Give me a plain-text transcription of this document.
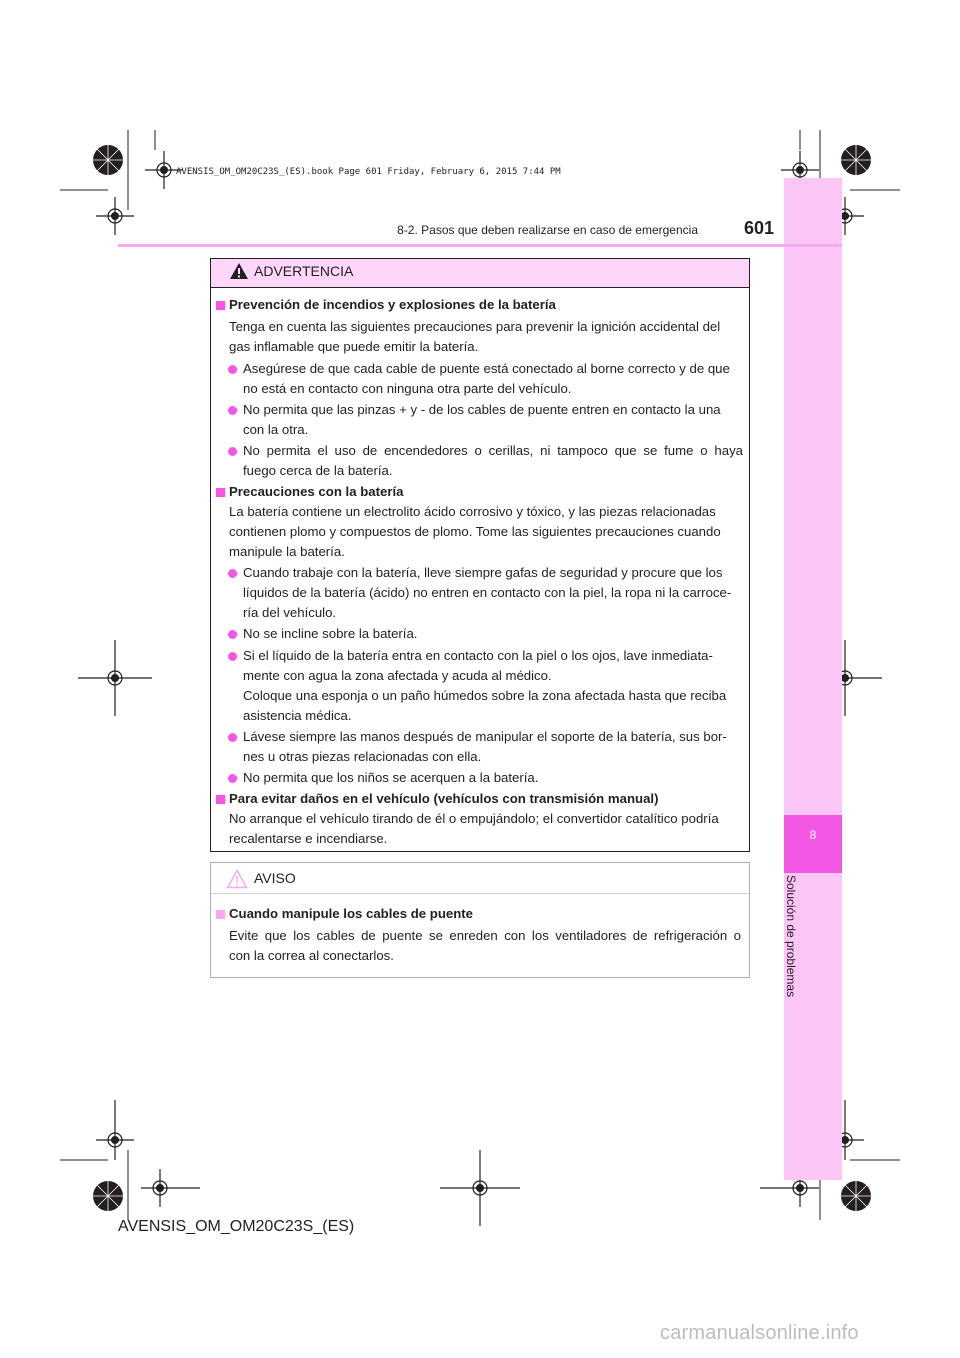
AVENSIS_OM_OM20C23S_(ES).book Page 601 Friday, February 6, 2015 7:44 PM
8
Solución de problemas
8-2. Pasos que deben realizarse en caso de emergencia	601
ADVERTENCIA
Prevención de incendios y explosiones de la batería
Tenga en cuenta las siguientes precauciones para prevenir la ignición accidental del
gas inflamable que puede emitir la batería.
Asegúrese de que cada cable de puente está conectado al borne correcto y de que
no está en contacto con ninguna otra parte del vehículo.
No permita que las pinzas + y - de los cables de puente entren en contacto la una
con la otra.
No permita el uso de encendedores o cerillas, ni tampoco que se fume o haya
fuego cerca de la batería.
Precauciones con la batería
La batería contiene un electrolito ácido corrosivo y tóxico, y las piezas relacionadas
contienen plomo y compuestos de plomo. Tome las siguientes precauciones cuando
manipule la batería.
Cuando trabaje con la batería, lleve siempre gafas de seguridad y procure que los
líquidos de la batería (ácido) no entren en contacto con la piel, la ropa ni la carroce-
ría del vehículo.
No se incline sobre la batería.
Si el líquido de la batería entra en contacto con la piel o los ojos, lave inmediata-
mente con agua la zona afectada y acuda al médico.
Coloque una esponja o un paño húmedos sobre la zona afectada hasta que reciba
asistencia médica.
Lávese siempre las manos después de manipular el soporte de la batería, sus bor-
nes u otras piezas relacionadas con ella.
No permita que los niños se acerquen a la batería.
Para evitar daños en el vehículo (vehículos con transmisión manual)
No arranque el vehículo tirando de él o empujándolo; el convertidor catalítico podría
recalentarse e incendiarse.
AVISO
Cuando manipule los cables de puente
Evite que los cables de puente se enreden con los ventiladores de refrigeración o
con la correa al conectarlos.
AVENSIS_OM_OM20C23S_(ES)
carmanualsonline.info
